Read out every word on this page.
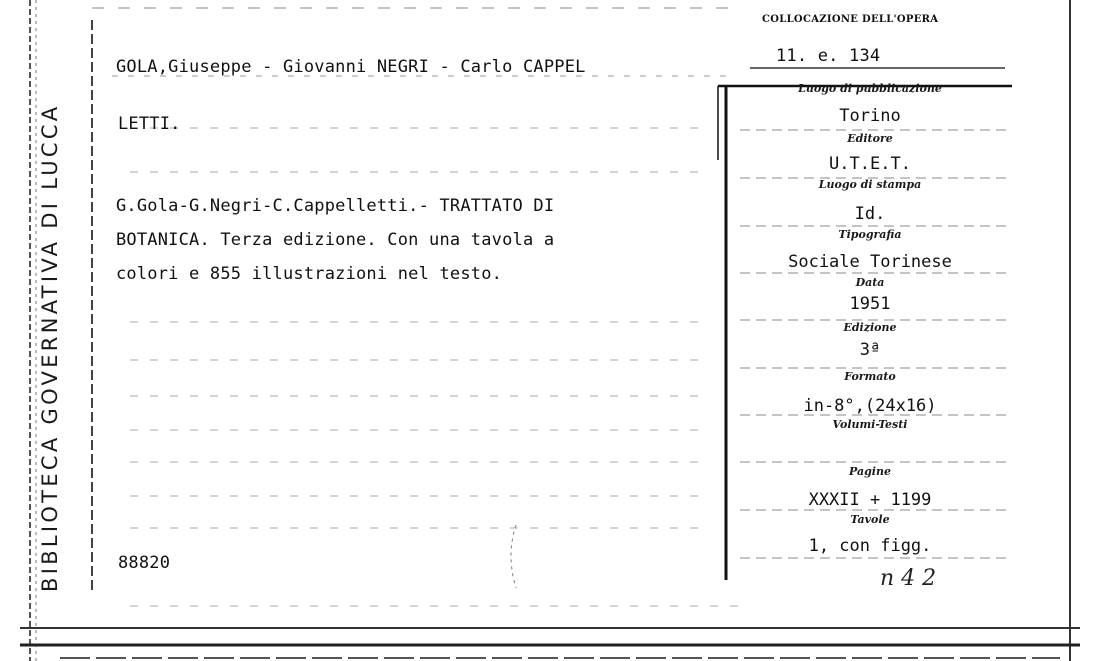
BIBLIOTECA GOVERNATIVA DI LUCCA
COLLOCAZIONE DELL'OPERA
11. e. 134
GOLA,Giuseppe - Giovanni NEGRI - Carlo CAPPEL
LETTI.
G.Gola-G.Negri-C.Cappelletti.- TRATTATO DI
BOTANICA. Terza edizione. Con una tavola a
colori e 855 illustrazioni nel testo.
88820
Luogo di pubblicazione
Torino
Editore
U.T.E.T.
Luogo di stampa
Id.
Tipografia
Sociale Torinese
Data
1951
Edizione
3ª
Formato
in-8°,(24x16)
Volumi-Testi
Pagine
XXXII + 1199
Tavole
1, con figg.
n 4 2
